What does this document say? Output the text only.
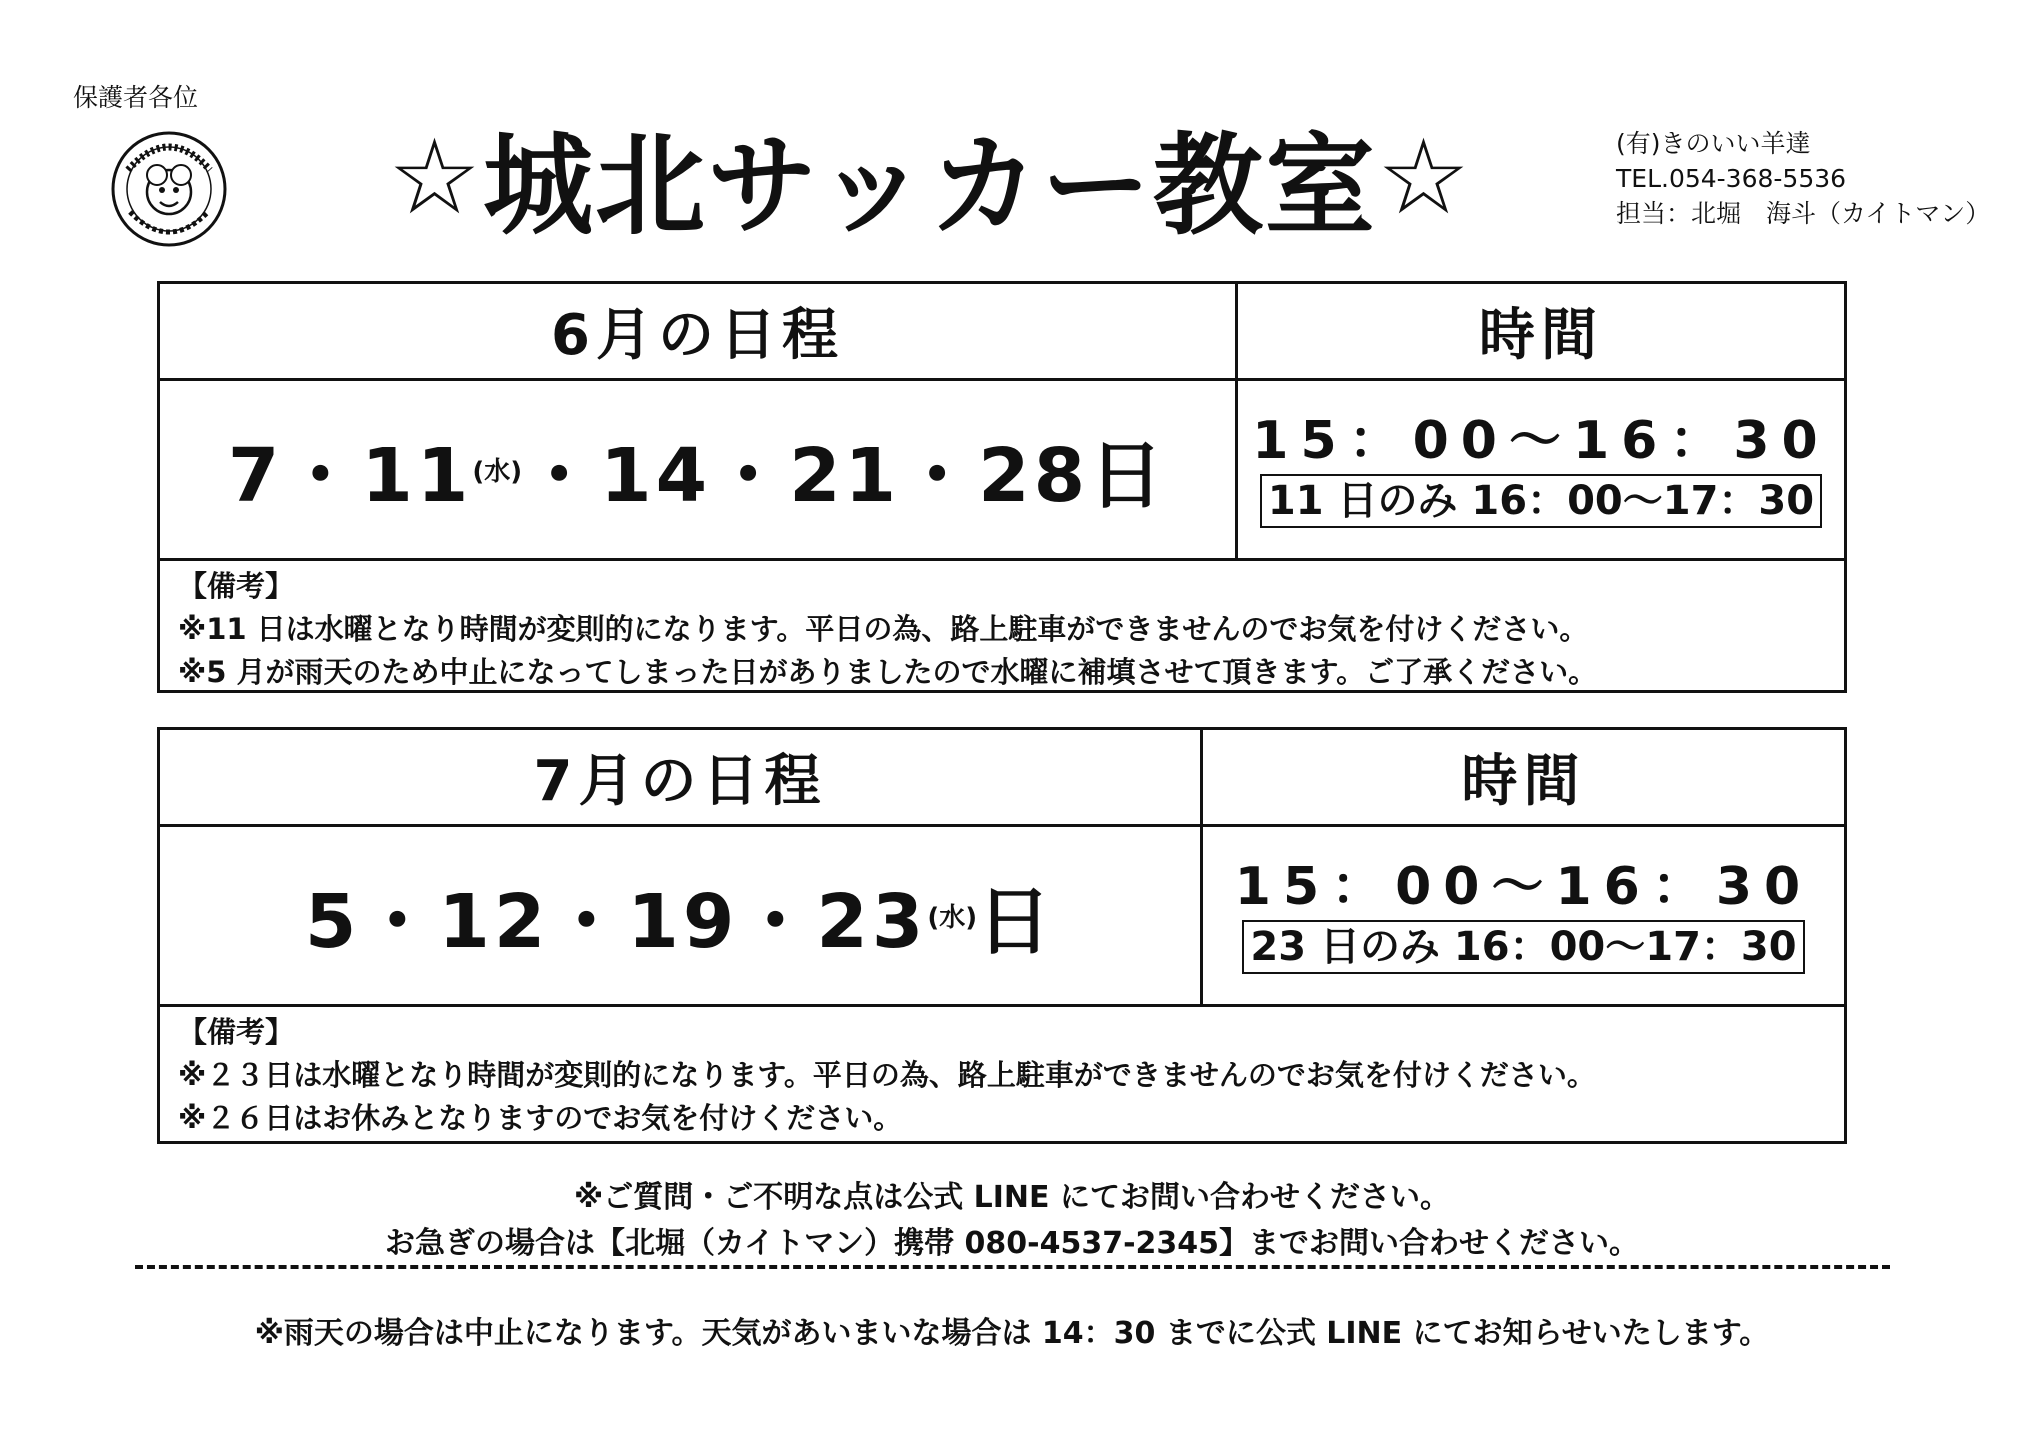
保護者各位
☆ 城北サッカー教室 ☆	(有)きのいい羊達
TEL.054-368-5536
担当：北堀　海斗（カイトマン）
6月の日程	時間
7・11 (水) ・14・21・28日 15：00〜16：30
11 日のみ 16：00〜17：30
【備考】
※11 日は水曜となり時間が変則的になります。平日の為、路上駐車ができませんのでお気を付けください。
※5 月が雨天のため中止になってしまった日がありましたので水曜に補填させて頂きます。ご了承ください。
7月の日程	時間
5・12・19・23 (水) 日	15：00〜16：30
23 日のみ 16：00〜17：30
【備考】
※２３日は水曜となり時間が変則的になります。平日の為、路上駐車ができませんのでお気を付けください。
※２６日はお休みとなりますのでお気を付けください。
※ご質問・ご不明な点は公式 LINE にてお問い合わせください。
お急ぎの場合は【北堀（カイトマン）携帯 080-4537-2345】までお問い合わせください。
※雨天の場合は中止になります。天気があいまいな場合は 14：30 までに公式 LINE にてお知らせいたします。
